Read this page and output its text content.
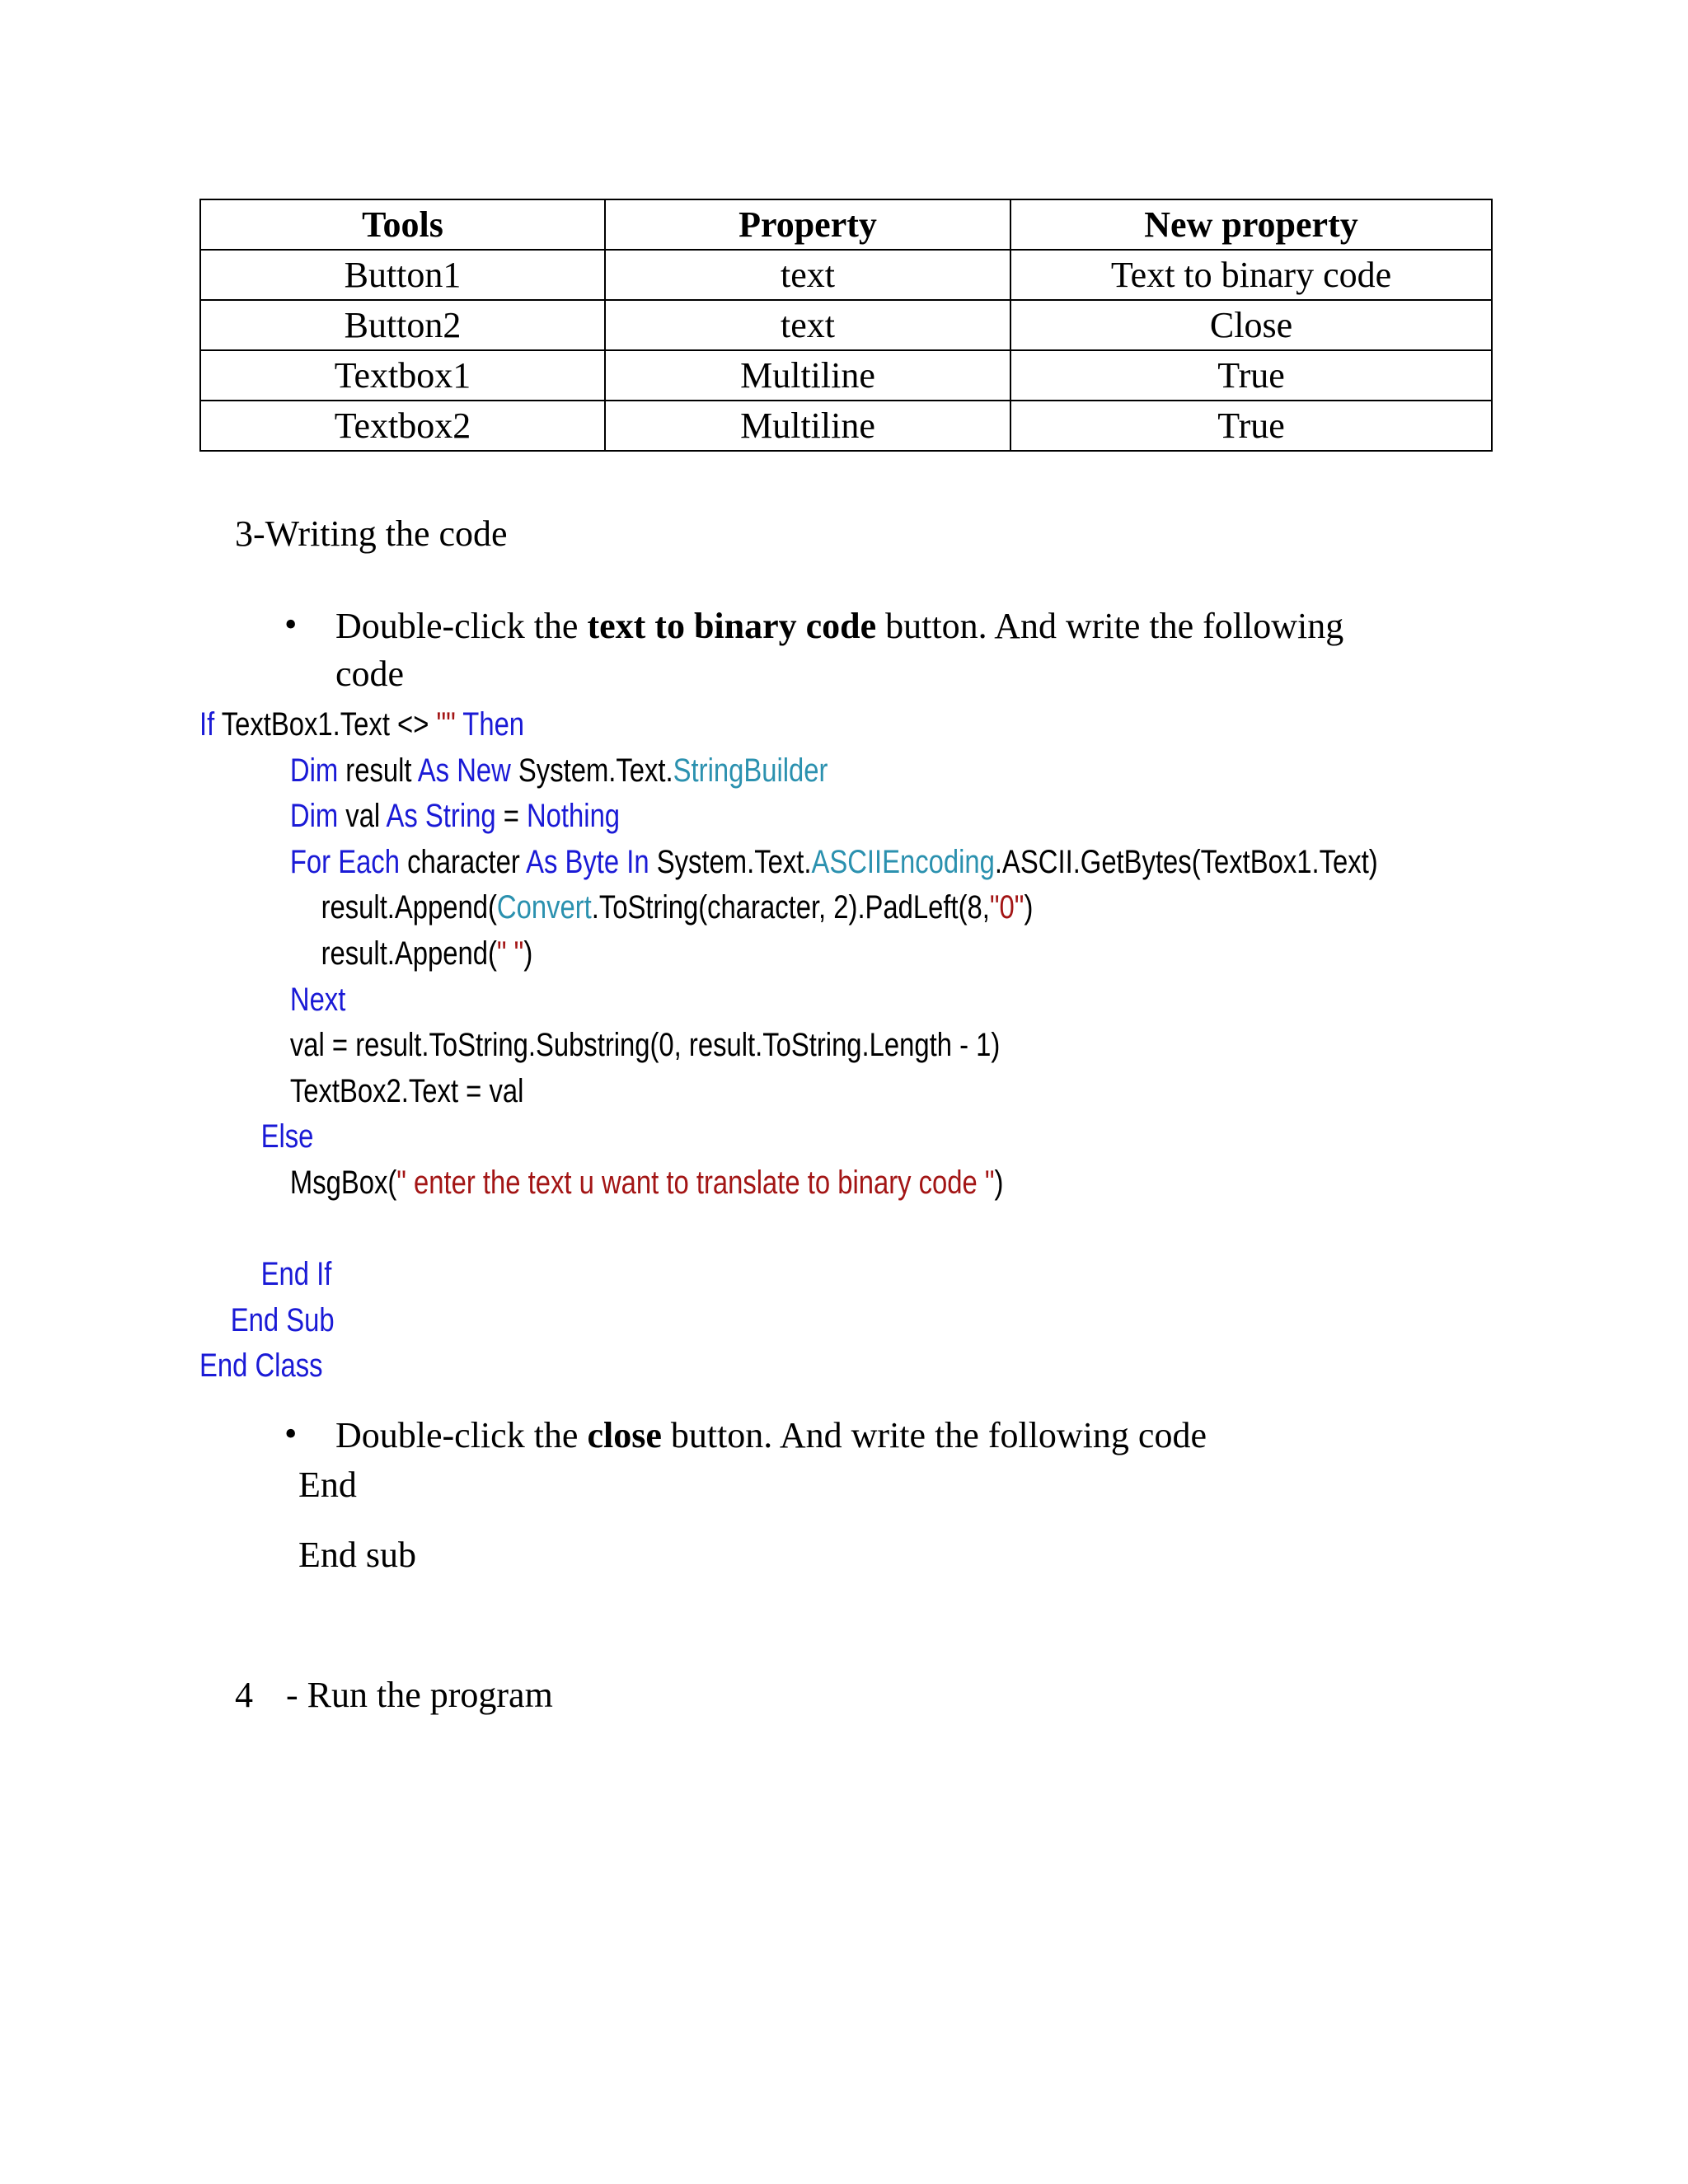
Tools	Property	New property
Button1	text	Text to binary code
Button2	text	Close
Textbox1	Multiline	True
Textbox2	Multiline	True
3-Writing the code
• Double-click the text to binary code button. And write the following
code
If TextBox1.Text <> "" Then
Dim result As New System.Text.StringBuilder
Dim val As String = Nothing
For Each character As Byte In System.Text.ASCIIEncoding.ASCII.GetBytes(TextBox1.Text)
result.Append(Convert.ToString(character, 2).PadLeft(8,"0")
result.Append(" ")
Next
val = result.ToString.Substring(0, result.ToString.Length - 1)
TextBox2.Text = val
Else
MsgBox(" enter the text u want to translate to binary code ")
End If
End Sub
End Class
• Double-click the close button. And write the following code
End
End sub
4 - Run the program
